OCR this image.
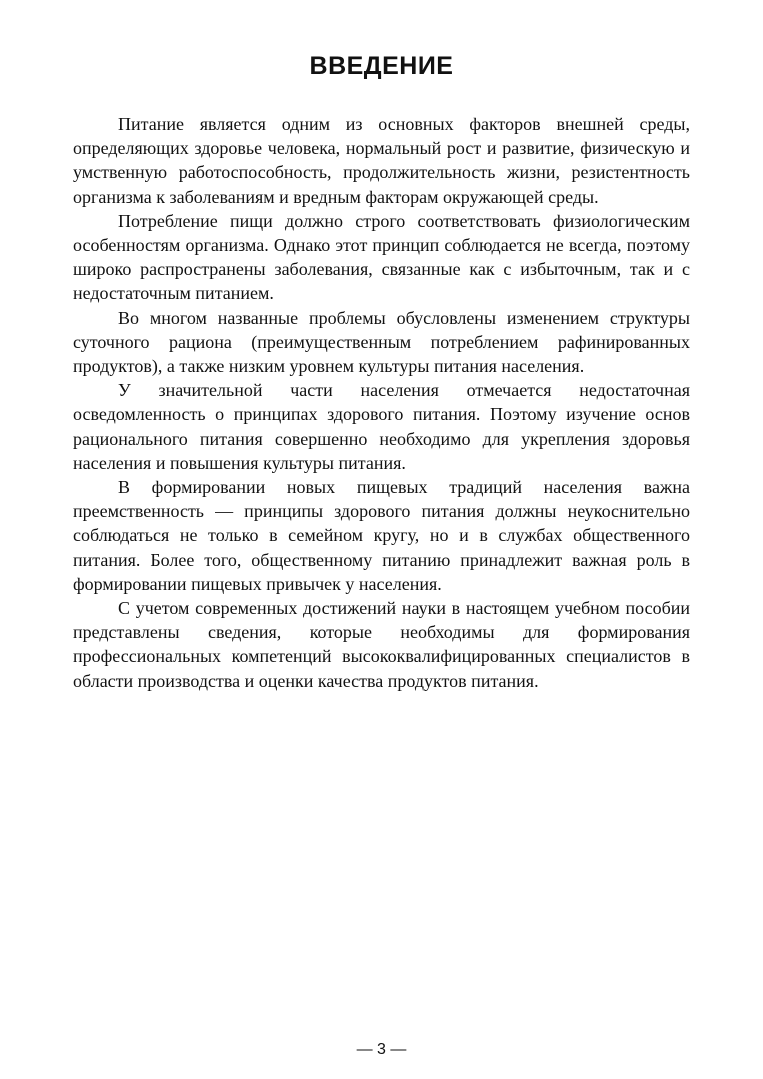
ВВЕДЕНИЕ

Питание является одним из основных факторов внешней среды, определяющих здоровье человека, нормальный рост и развитие, физическую и умственную работоспособность, продолжительность жизни, резистентность организма к заболеваниям и вредным факторам окружающей среды.

Потребление пищи должно строго соответствовать физиологическим особенностям организма. Однако этот принцип соблюдается не всегда, поэтому широко распространены заболевания, связанные как с избыточным, так и с недостаточным питанием.

Во многом названные проблемы обусловлены изменением структуры суточного рациона (преимущественным потреблением рафинированных продуктов), а также низким уровнем культуры питания населения.

У значительной части населения отмечается недостаточная осведомленность о принципах здорового питания. Поэтому изучение основ рационального питания совершенно необходимо для укрепления здоровья населения и повышения культуры питания.

В формировании новых пищевых традиций населения важна преемственность — принципы здорового питания должны неукоснительно соблюдаться не только в семейном кругу, но и в службах общественного питания. Более того, общественному питанию принадлежит важная роль в формировании пищевых привычек у населения.

С учетом современных достижений науки в настоящем учебном пособии представлены сведения, которые необходимы для формирования профессиональных компетенций высококвалифицированных специалистов в области производства и оценки качества продуктов питания.

— 3 —
